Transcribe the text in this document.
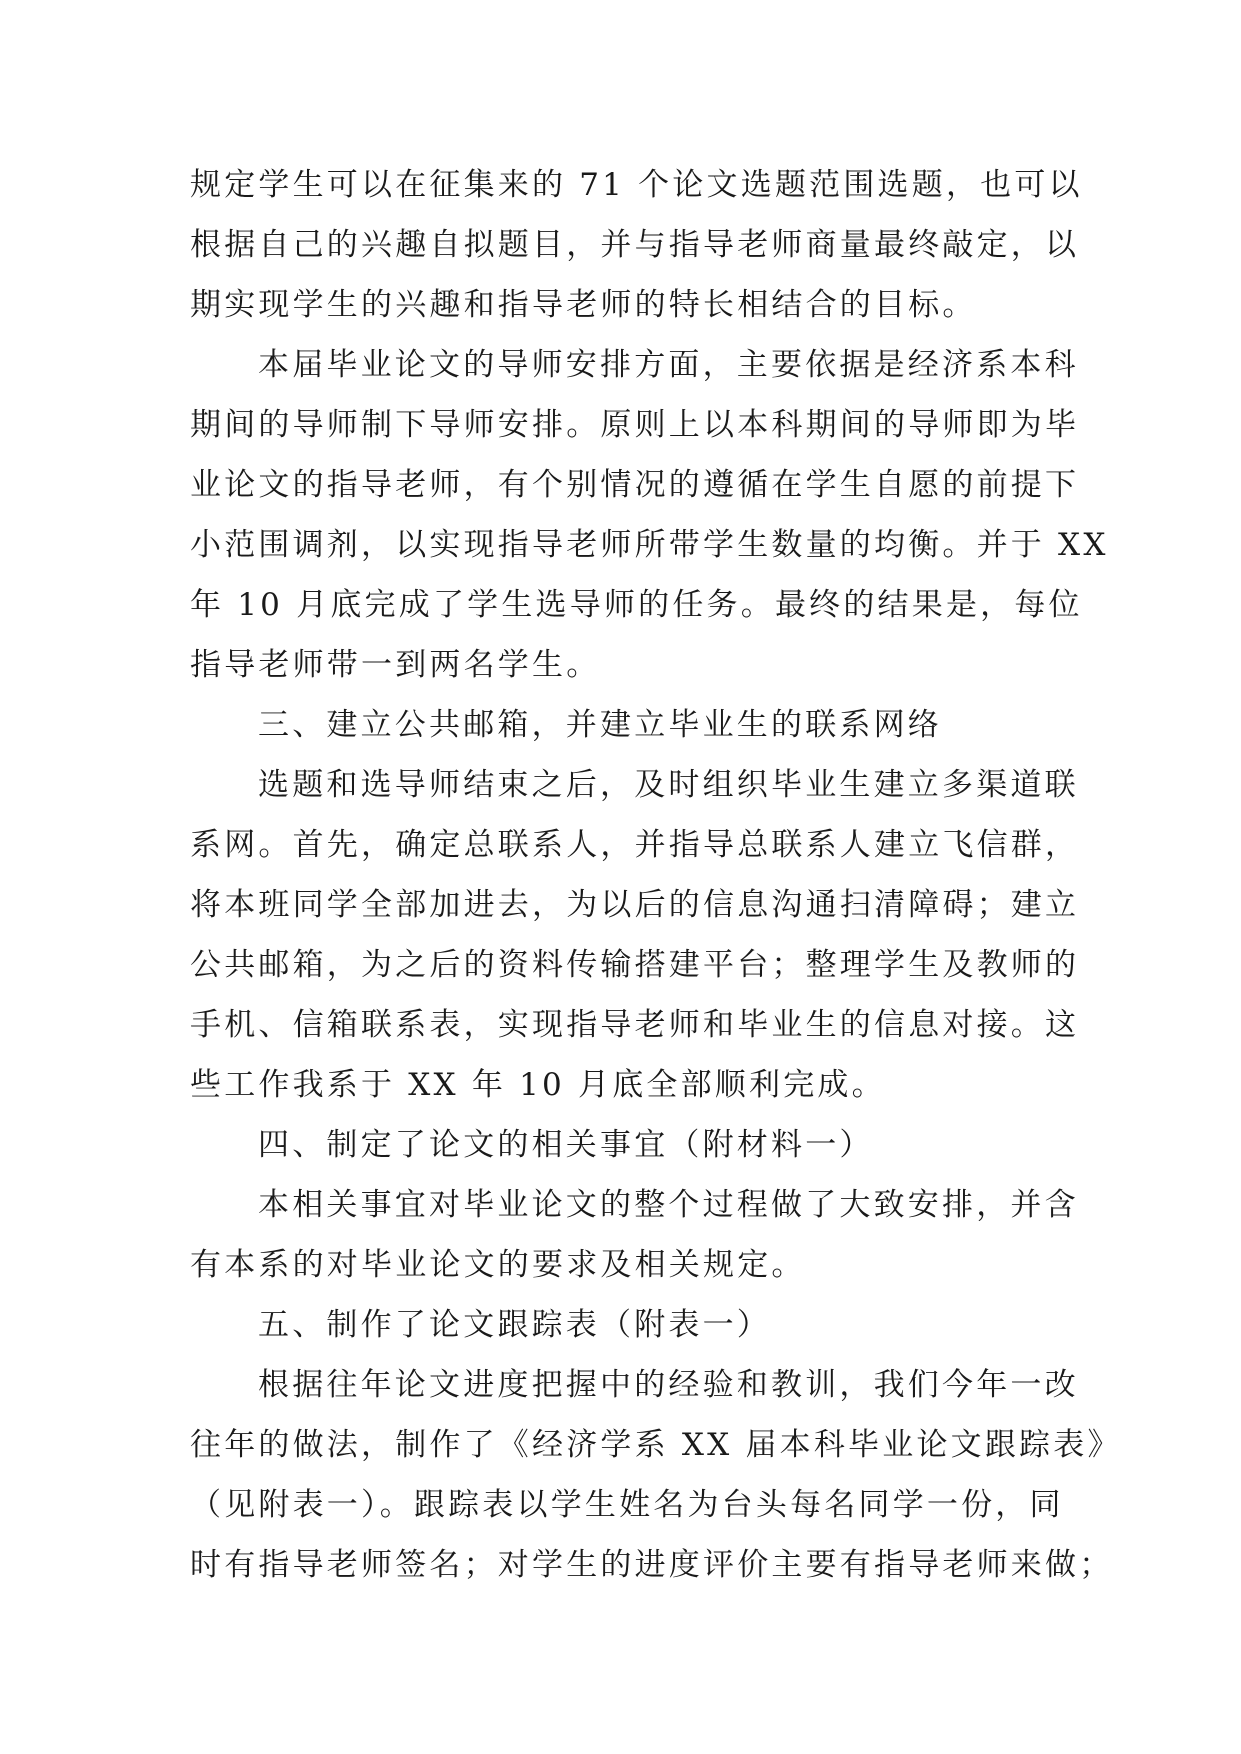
规定学生可以在征集来的 71 个论文选题范围选题，也可以
根据自己的兴趣自拟题目，并与指导老师商量最终敲定，以
期实现学生的兴趣和指导老师的特长相结合的目标。
本届毕业论文的导师安排方面，主要依据是经济系本科
期间的导师制下导师安排。原则上以本科期间的导师即为毕
业论文的指导老师，有个别情况的遵循在学生自愿的前提下
小范围调剂，以实现指导老师所带学生数量的均衡。并于 XX
年 10 月底完成了学生选导师的任务。最终的结果是，每位
指导老师带一到两名学生。
三、建立公共邮箱，并建立毕业生的联系网络
选题和选导师结束之后，及时组织毕业生建立多渠道联
系网。首先，确定总联系人，并指导总联系人建立飞信群，
将本班同学全部加进去，为以后的信息沟通扫清障碍；建立
公共邮箱，为之后的资料传输搭建平台；整理学生及教师的
手机、信箱联系表，实现指导老师和毕业生的信息对接。这
些工作我系于 XX 年 10 月底全部顺利完成。
四、制定了论文的相关事宜（附材料一）
本相关事宜对毕业论文的整个过程做了大致安排，并含
有本系的对毕业论文的要求及相关规定。
五、制作了论文跟踪表（附表一）
根据往年论文进度把握中的经验和教训，我们今年一改
往年的做法，制作了《经济学系 XX 届本科毕业论文跟踪表》
（见附表一）。跟踪表以学生姓名为台头每名同学一份，同
时有指导老师签名；对学生的进度评价主要有指导老师来做；
